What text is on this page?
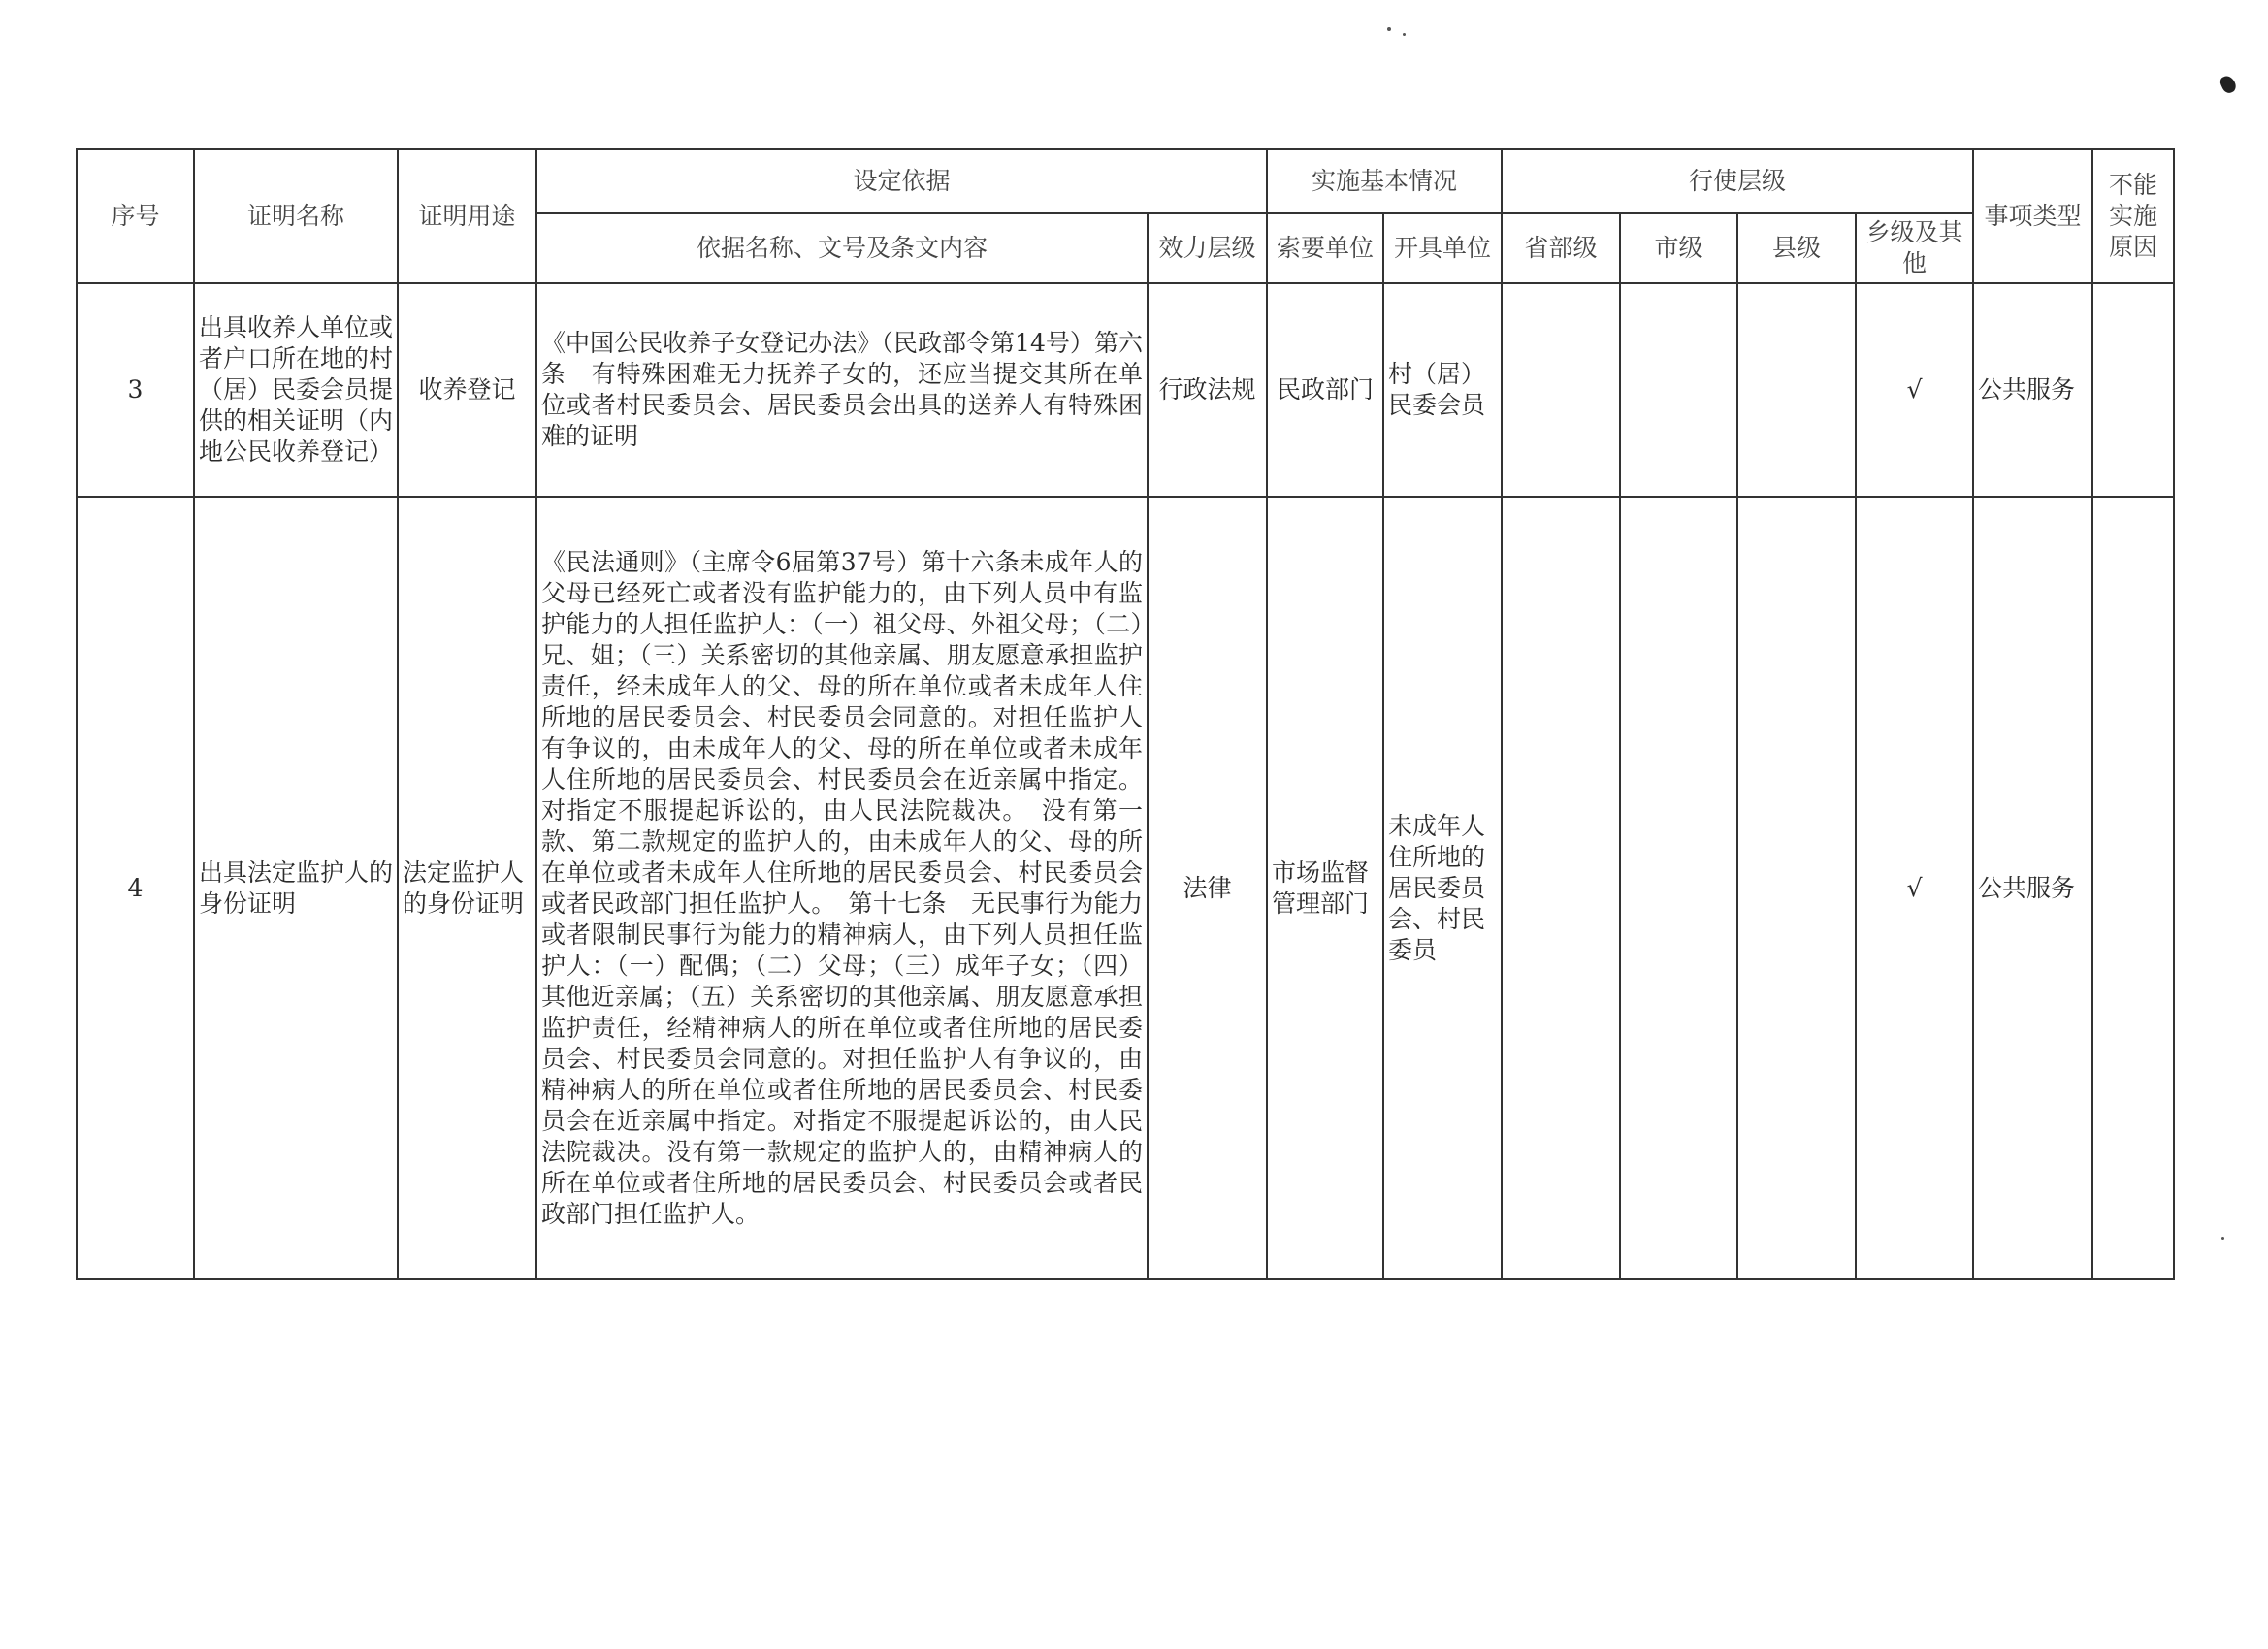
序号	证明名称	证明用途	设定依据		实施基本情况		行使层级				事项类型	不能实施原因
			依据名称、文号及条文内容	效力层级	索要单位	开具单位	省部级	市级	县级	乡级及其他		
3	出具收养人单位或者户口所在地的村（居）民委会员提供的相关证明（内地公民收养登记）	收养登记	《中国公民收养子女登记办法》（民政部令第14号）第六条　有特殊困难无力抚养子女的，还应当提交其所在单位或者村民委员会、居民委员会出具的送养人有特殊困难的证明	行政法规	民政部门	村（居）民委会员				√	公共服务	
4	出具法定监护人的身份证明	法定监护人的身份证明	《民法通则》（主席令6届第37号）第十六条未成年人的父母已经死亡或者没有监护能力的，由下列人员中有监护能力的人担任监护人：（一）祖父母、外祖父母；（二）兄、姐；（三）关系密切的其他亲属、朋友愿意承担监护责任，经未成年人的父、母的所在单位或者未成年人住所地的居民委员会、村民委员会同意的。对担任监护人有争议的，由未成年人的父、母的所在单位或者未成年人住所地的居民委员会、村民委员会在近亲属中指定。对指定不服提起诉讼的，由人民法院裁决。　没有第一款、第二款规定的监护人的，由未成年人的父、母的所在单位或者未成年人住所地的居民委员会、村民委员会或者民政部门担任监护人。　第十七条　无民事行为能力或者限制民事行为能力的精神病人，由下列人员担任监护人：（一）配偶；（二）父母；（三）成年子女；（四）其他近亲属；（五）关系密切的其他亲属、朋友愿意承担监护责任，经精神病人的所在单位或者住所地的居民委员会、村民委员会同意的。对担任监护人有争议的，由精神病人的所在单位或者住所地的居民委员会、村民委员会在近亲属中指定。对指定不服提起诉讼的，由人民法院裁决。没有第一款规定的监护人的，由精神病人的所在单位或者住所地的居民委员会、村民委员会或者民政部门担任监护人。	法律	市场监督管理部门	未成年人住所地的居民委员会、村民委员				√	公共服务	
